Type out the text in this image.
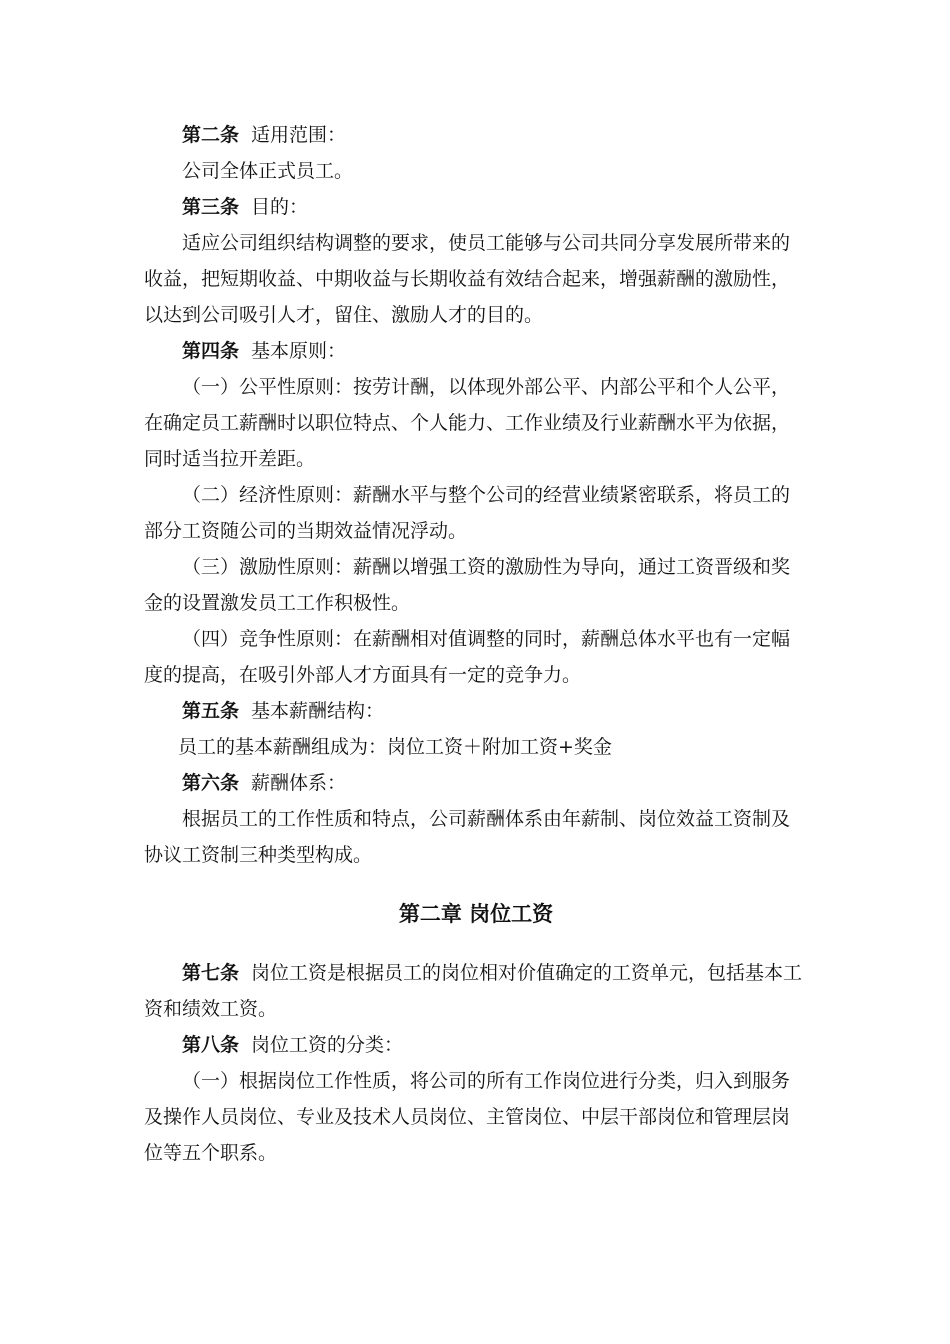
第二条 适用范围：

公司全体正式员工。

第三条 目的：

适应公司组织结构调整的要求，使员工能够与公司共同分享发展所带来的收益，把短期收益、中期收益与长期收益有效结合起来，增强薪酬的激励性，以达到公司吸引人才，留住、激励人才的目的。

第四条 基本原则：

（一）公平性原则：按劳计酬，以体现外部公平、内部公平和个人公平，在确定员工薪酬时以职位特点、个人能力、工作业绩及行业薪酬水平为依据，同时适当拉开差距。

（二）经济性原则：薪酬水平与整个公司的经营业绩紧密联系，将员工的部分工资随公司的当期效益情况浮动。

（三）激励性原则：薪酬以增强工资的激励性为导向，通过工资晋级和奖金的设置激发员工工作积极性。

（四）竞争性原则：在薪酬相对值调整的同时，薪酬总体水平也有一定幅度的提高，在吸引外部人才方面具有一定的竞争力。

第五条 基本薪酬结构：

员工的基本薪酬组成为：岗位工资＋附加工资+奖金

第六条 薪酬体系：

根据员工的工作性质和特点，公司薪酬体系由年薪制、岗位效益工资制及协议工资制三种类型构成。

第二章 岗位工资

第七条 岗位工资是根据员工的岗位相对价值确定的工资单元，包括基本工资和绩效工资。

第八条 岗位工资的分类：

（一）根据岗位工作性质，将公司的所有工作岗位进行分类，归入到服务及操作人员岗位、专业及技术人员岗位、主管岗位、中层干部岗位和管理层岗位等五个职系。
